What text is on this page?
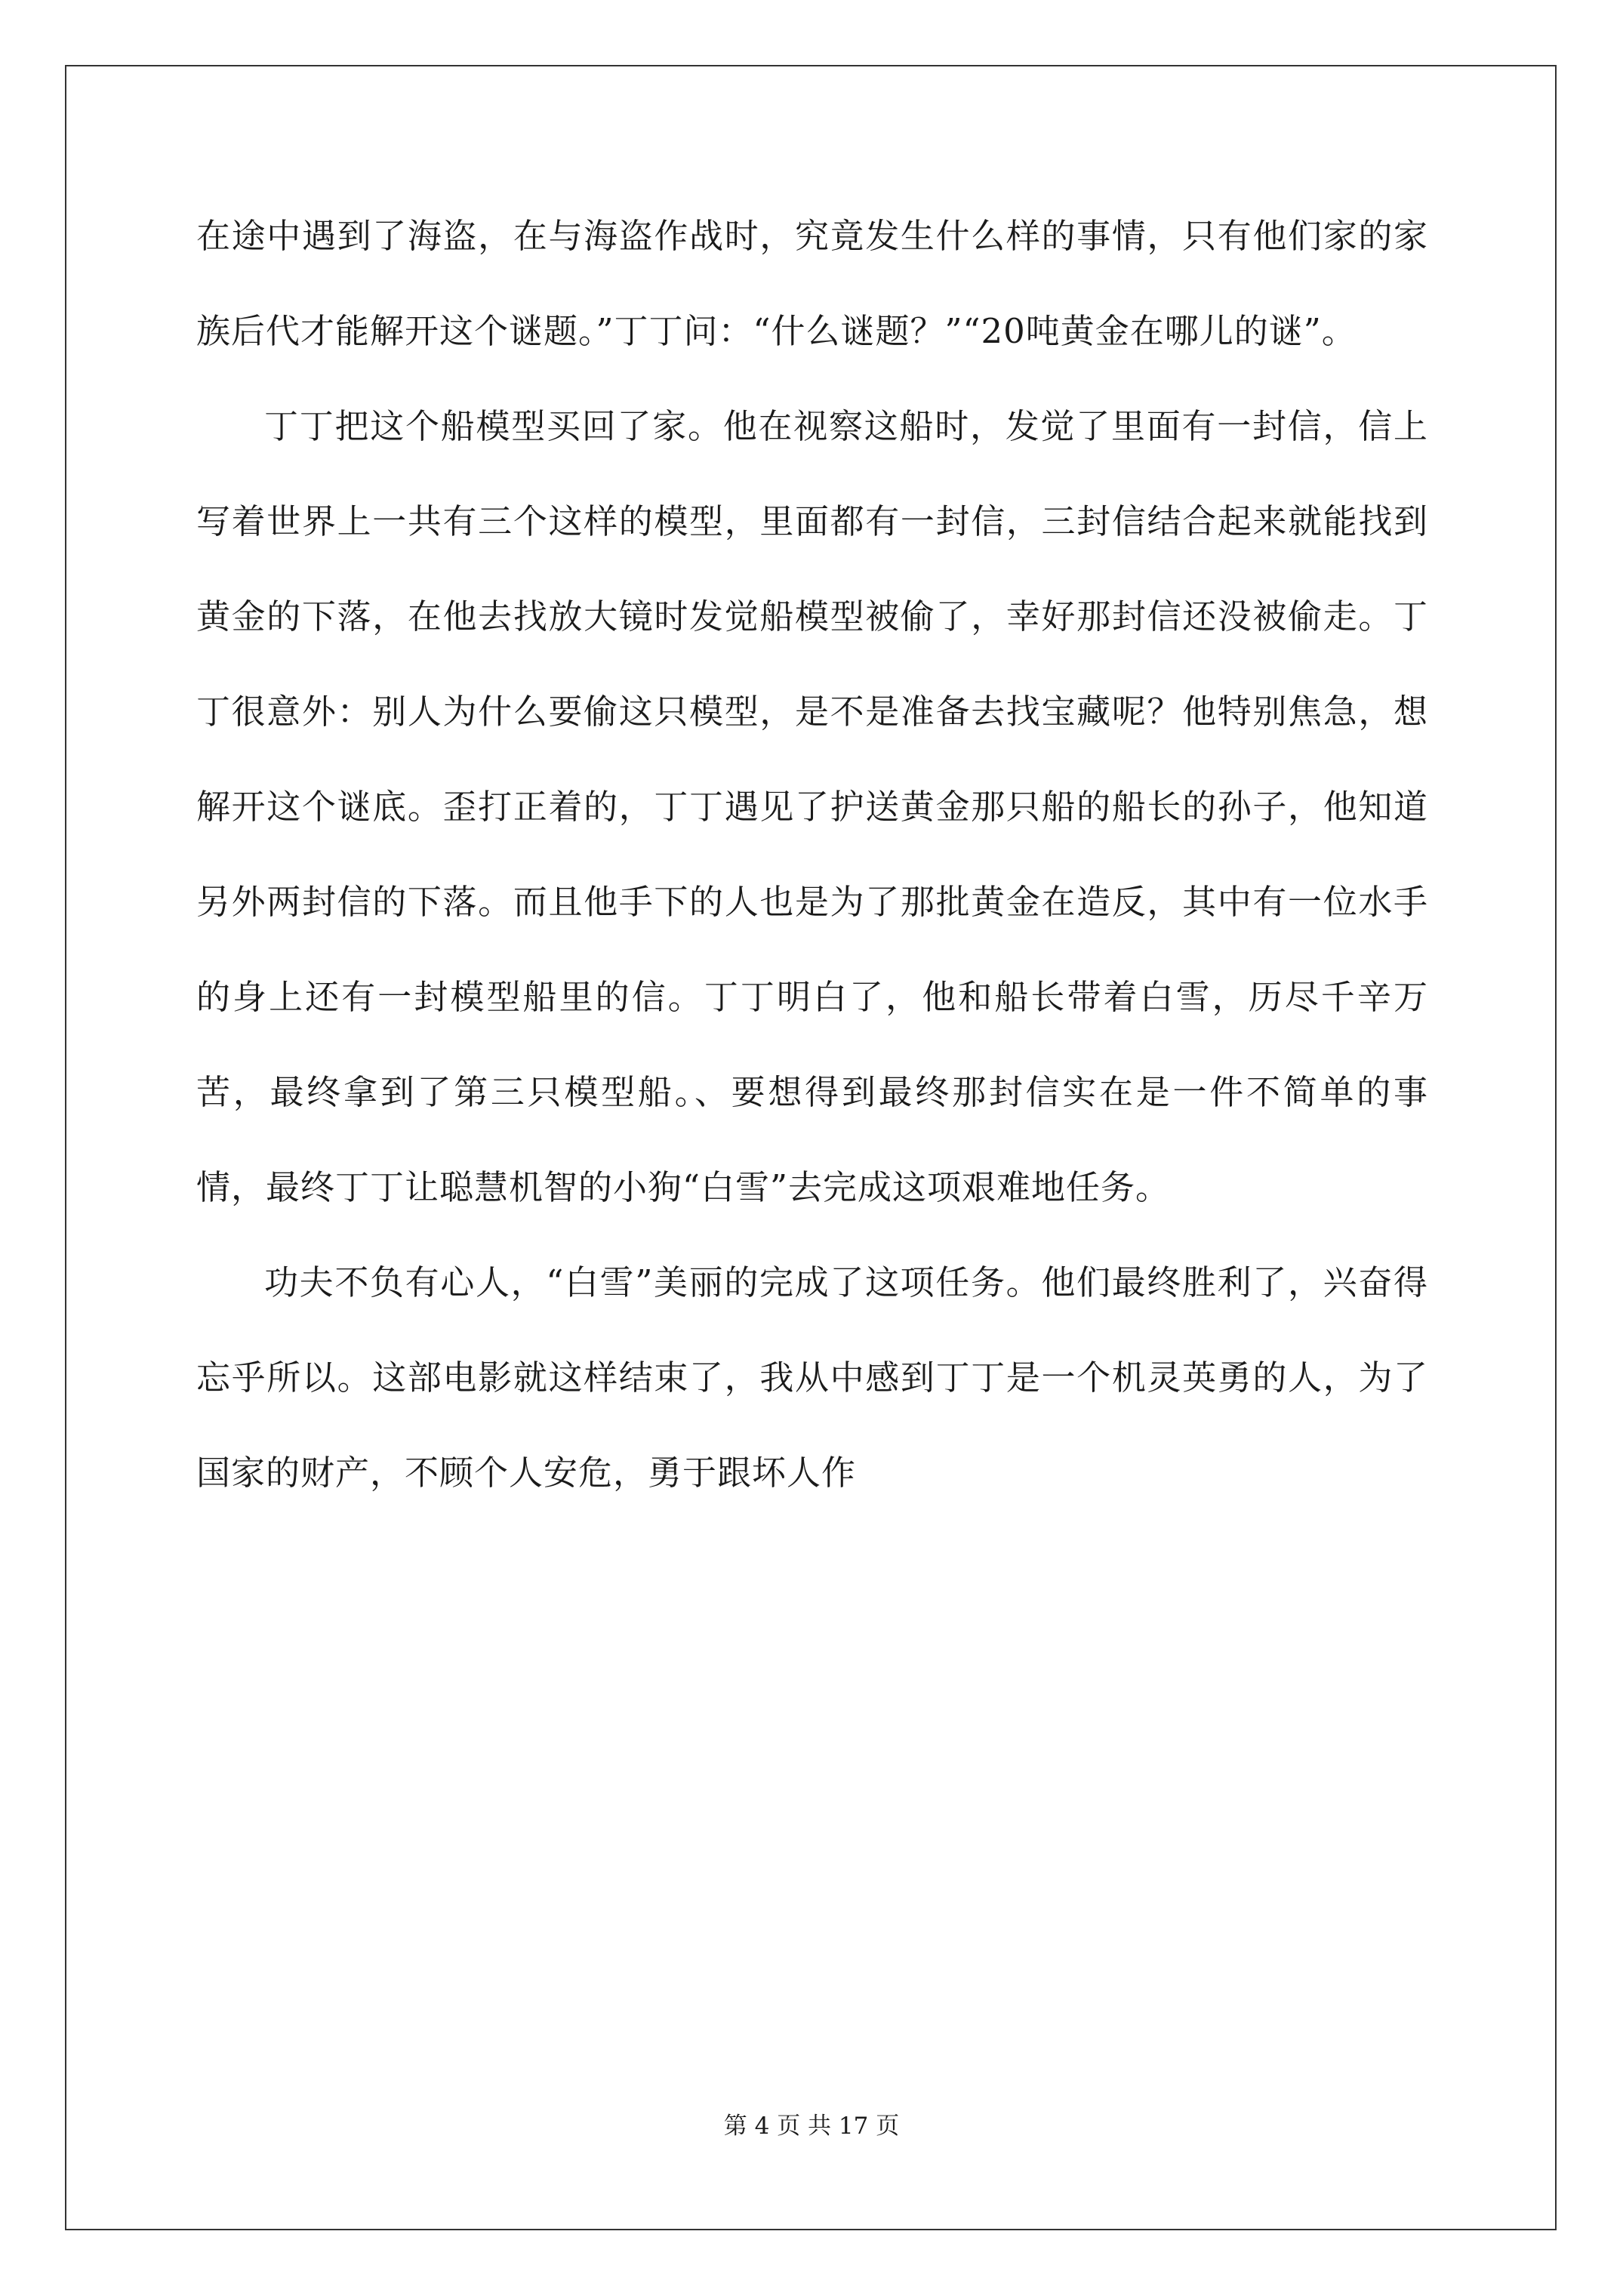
在途中遇到了海盗，在与海盗作战时，究竟发生什么样的事情，只有他们家的家族后代才能解开这个谜题。”丁丁问：“什么谜题？”“20吨黄金在哪儿的谜”。

丁丁把这个船模型买回了家。他在视察这船时，发觉了里面有一封信，信上写着世界上一共有三个这样的模型，里面都有一封信，三封信结合起来就能找到黄金的下落，在他去找放大镜时发觉船模型被偷了，幸好那封信还没被偷走。丁丁很意外：别人为什么要偷这只模型，是不是准备去找宝藏呢？他特别焦急，想解开这个谜底。歪打正着的，丁丁遇见了护送黄金那只船的船长的孙子，他知道另外两封信的下落。而且他手下的人也是为了那批黄金在造反，其中有一位水手的身上还有一封模型船里的信。丁丁明白了，他和船长带着白雪，历尽千辛万苦，最终拿到了第三只模型船。、要想得到最终那封信实在是一件不简单的事情，最终丁丁让聪慧机智的小狗“白雪”去完成这项艰难地任务。

功夫不负有心人，“白雪”美丽的完成了这项任务。他们最终胜利了，兴奋得忘乎所以。这部电影就这样结束了，我从中感到丁丁是一个机灵英勇的人，为了国家的财产，不顾个人安危，勇于跟坏人作

第 4 页 共 17 页
